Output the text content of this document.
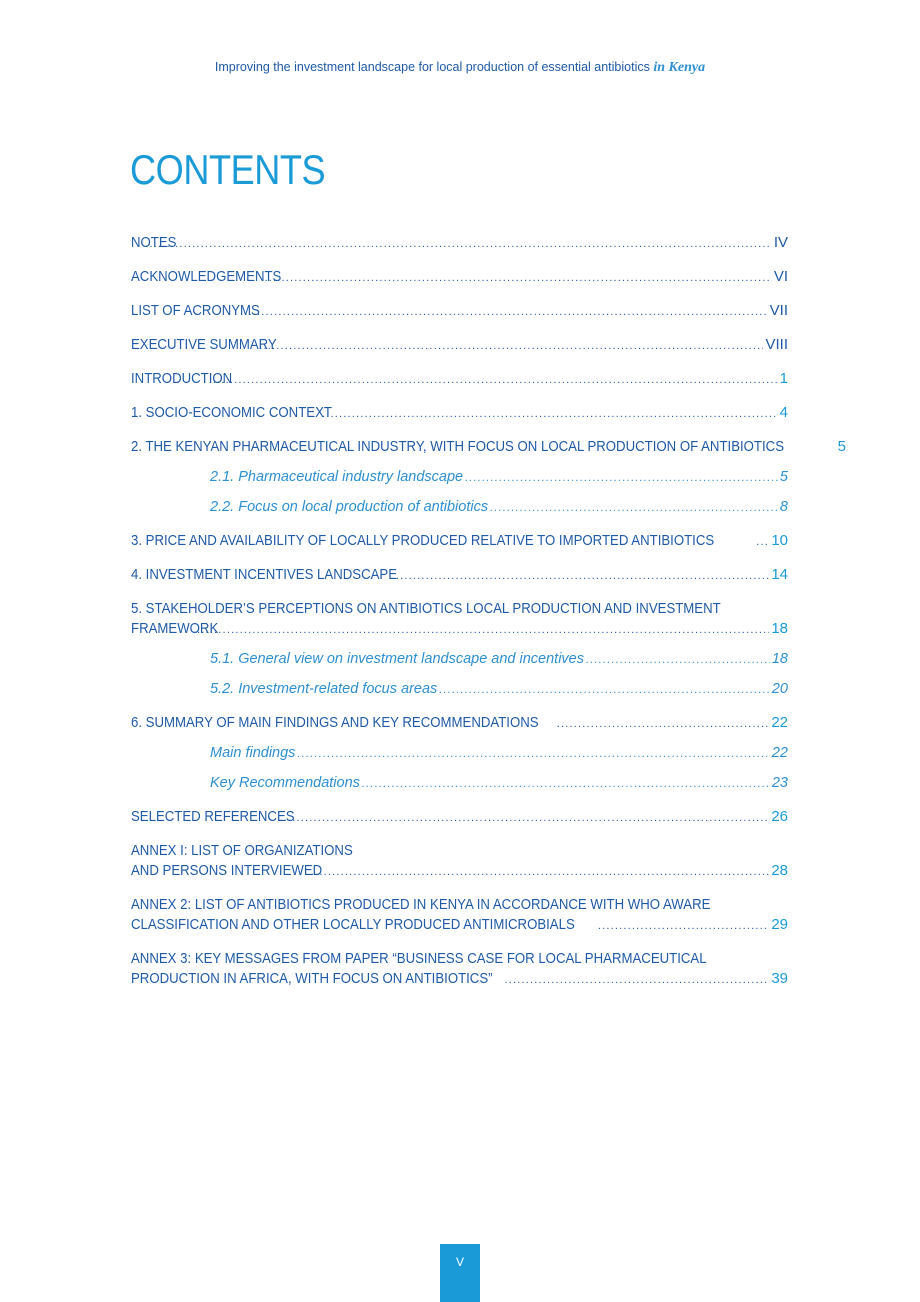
Improving the investment landscape for local production of essential antibiotics in Kenya
CONTENTS
NOTES .....	IV
ACKNOWLEDGEMENTS .....	VI
LIST OF ACRONYMS .....	VII
EXECUTIVE SUMMARY .....	VIII
INTRODUCTION .....	1
1. SOCIO-ECONOMIC CONTEXT .....	4
2. THE KENYAN PHARMACEUTICAL INDUSTRY, WITH FOCUS ON LOCAL PRODUCTION OF ANTIBIOTICS	5
2.1. Pharmaceutical industry landscape .....	5
2.2. Focus on local production of antibiotics .....	8
3. PRICE AND AVAILABILITY OF LOCALLY PRODUCED RELATIVE TO IMPORTED ANTIBIOTICS .....	10
4. INVESTMENT INCENTIVES LANDSCAPE .....	14
5. STAKEHOLDER’S PERCEPTIONS ON ANTIBIOTICS LOCAL PRODUCTION AND INVESTMENT
FRAMEWORK .....	18
5.1. General view on investment landscape and incentives .....	18
5.2. Investment-related focus areas .....	20
6. SUMMARY OF MAIN FINDINGS AND KEY RECOMMENDATIONS .....	22
Main findings .....	22
Key Recommendations .....	23
SELECTED REFERENCES .....	26
ANNEX I: LIST OF ORGANIZATIONS
AND PERSONS INTERVIEWED .....	28
ANNEX 2: LIST OF ANTIBIOTICS PRODUCED IN KENYA IN ACCORDANCE WITH WHO AWARE
CLASSIFICATION AND OTHER LOCALLY PRODUCED ANTIMICROBIALS .....	29
ANNEX 3: KEY MESSAGES FROM PAPER “BUSINESS CASE FOR LOCAL PHARMACEUTICAL
PRODUCTION IN AFRICA, WITH FOCUS ON ANTIBIOTICS” .....	39
V
